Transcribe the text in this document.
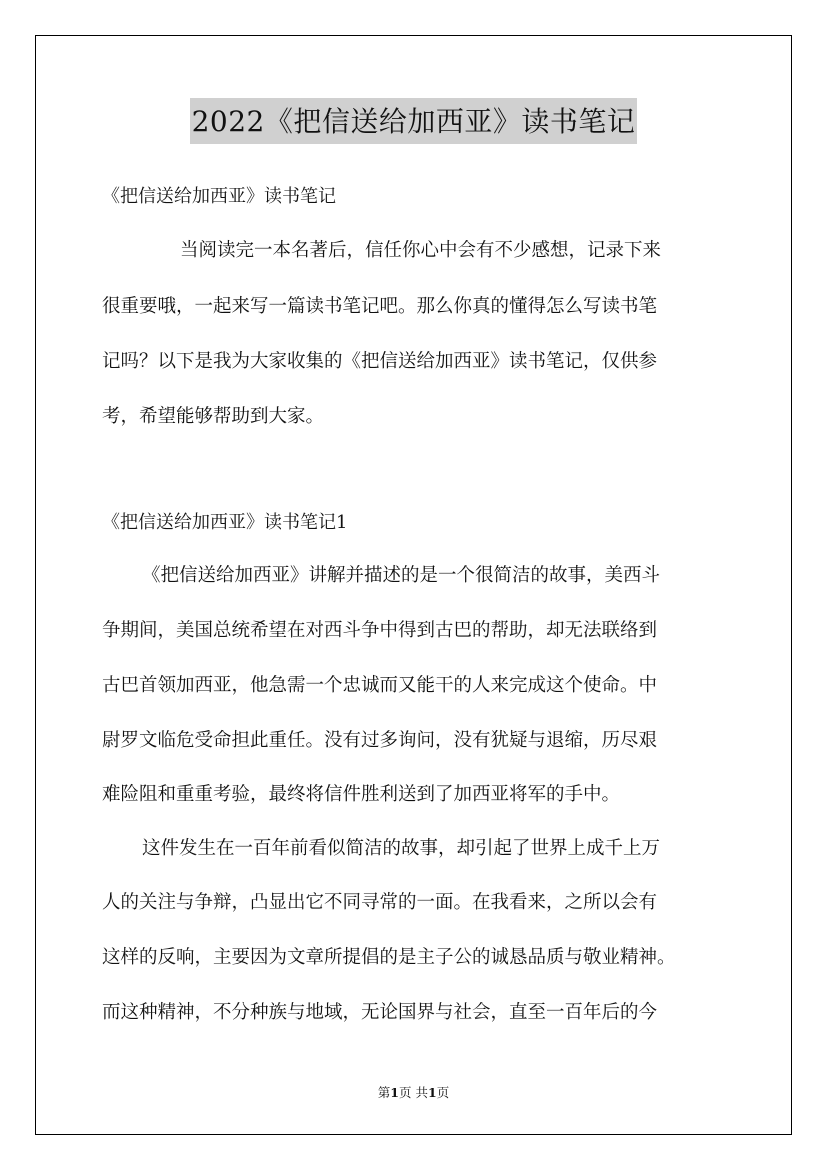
2022《把信送给加西亚》读书笔记
《把信送给加西亚》读书笔记
当阅读完一本名著后，信任你心中会有不少感想，记录下来
很重要哦，一起来写一篇读书笔记吧。那么你真的懂得怎么写读书笔
记吗？以下是我为大家收集的《把信送给加西亚》读书笔记，仅供参
考，希望能够帮助到大家。
《把信送给加西亚》读书笔记1
《把信送给加西亚》讲解并描述的是一个很简洁的故事，美西斗
争期间，美国总统希望在对西斗争中得到古巴的帮助，却无法联络到
古巴首领加西亚，他急需一个忠诚而又能干的人来完成这个使命。中
尉罗文临危受命担此重任。没有过多询问，没有犹疑与退缩，历尽艰
难险阻和重重考验，最终将信件胜利送到了加西亚将军的手中。
这件发生在一百年前看似简洁的故事，却引起了世界上成千上万
人的关注与争辩，凸显出它不同寻常的一面。在我看来，之所以会有
这样的反响，主要因为文章所提倡的是主子公的诚恳品质与敬业精神。
而这种精神，不分种族与地域，无论国界与社会，直至一百年后的今
第1页 共1页
